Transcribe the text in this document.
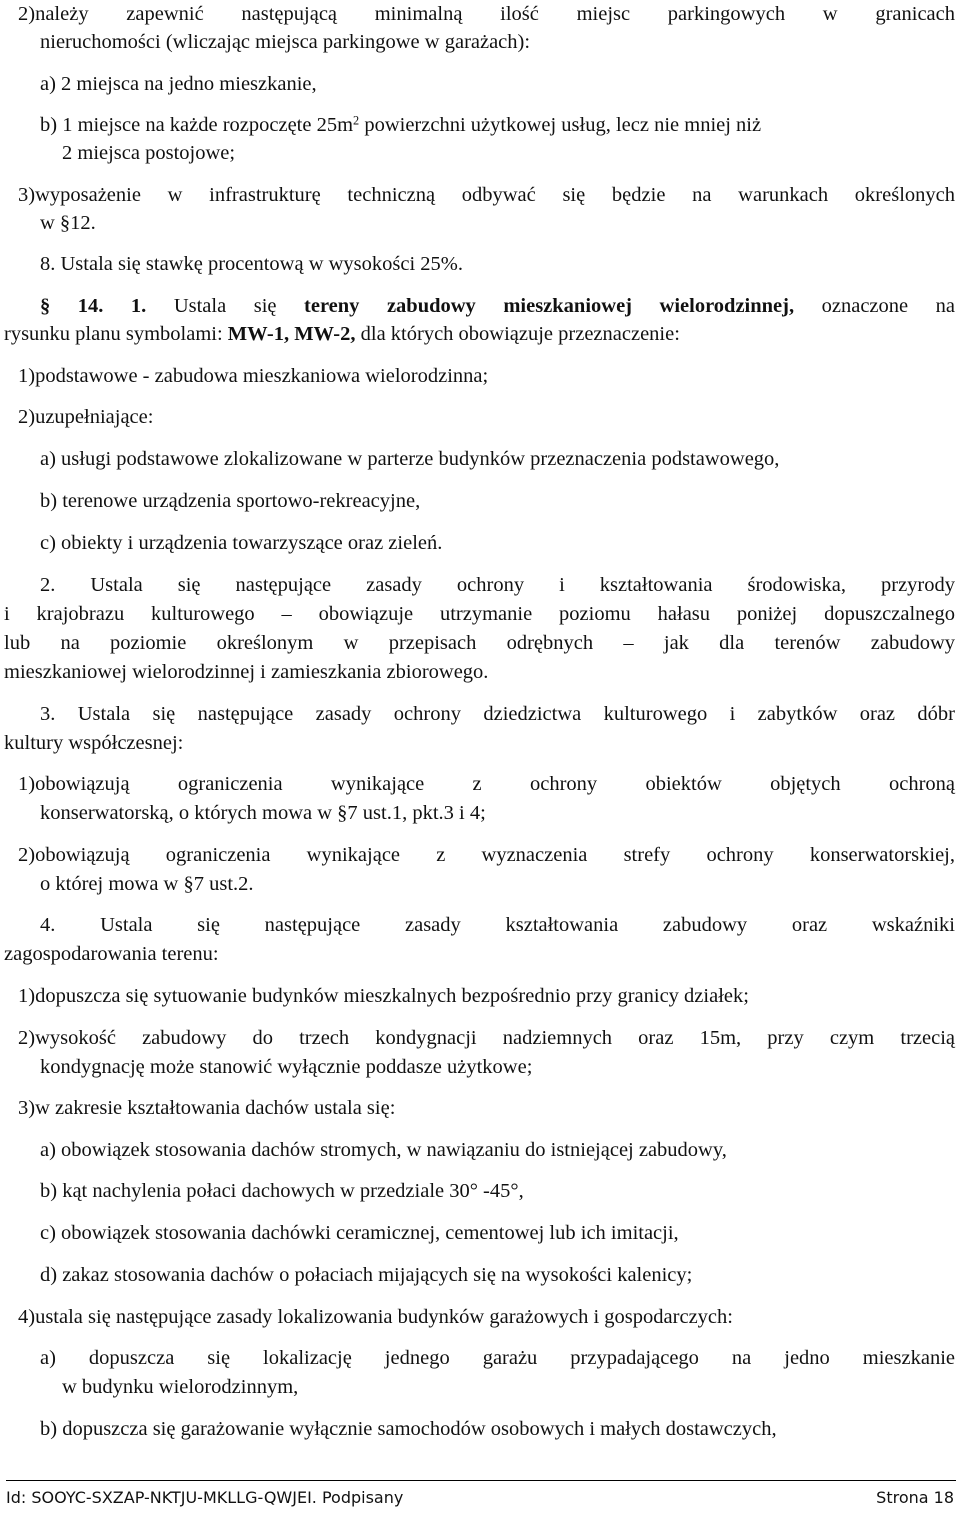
2)należy zapewnić następującą minimalną ilość miejsc parkingowych w granicach
nieruchomości (wliczając miejsca parkingowe w garażach):
a) 2 miejsca na jedno mieszkanie,
b) 1 miejsce na każde rozpoczęte $25m^2$ powierzchni użytkowej usług, lecz nie mniej niż
2 miejsca postojowe;
3)wyposażenie w infrastrukturę techniczną odbywać się będzie na warunkach określonych
w §12.
8. Ustala się stawkę procentową w wysokości 25%.
§ 14. 1. Ustala się tereny zabudowy mieszkaniowej wielorodzinnej, oznaczone na
rysunku planu symbolami: MW-1, MW-2, dla których obowiązuje przeznaczenie:
1)podstawowe - zabudowa mieszkaniowa wielorodzinna;
2)uzupełniające:
a) usługi podstawowe zlokalizowane w parterze budynków przeznaczenia podstawowego,
b) terenowe urządzenia sportowo-rekreacyjne,
c) obiekty i urządzenia towarzyszące oraz zieleń.
2. Ustala się następujące zasady ochrony i kształtowania środowiska, przyrody
i krajobrazu kulturowego – obowiązuje utrzymanie poziomu hałasu poniżej dopuszczalnego
lub na poziomie określonym w przepisach odrębnych – jak dla terenów zabudowy
mieszkaniowej wielorodzinnej i zamieszkania zbiorowego.
3. Ustala się następujące zasady ochrony dziedzictwa kulturowego i zabytków oraz dóbr
kultury współczesnej:
1)obowiązują ograniczenia wynikające z ochrony obiektów objętych ochroną
konserwatorską, o których mowa w §7 ust.1, pkt.3 i 4;
2)obowiązują ograniczenia wynikające z wyznaczenia strefy ochrony konserwatorskiej,
o której mowa w §7 ust.2.
4. Ustala się następujące zasady kształtowania zabudowy oraz wskaźniki
zagospodarowania terenu:
1)dopuszcza się sytuowanie budynków mieszkalnych bezpośrednio przy granicy działek;
2)wysokość zabudowy do trzech kondygnacji nadziemnych oraz 15m, przy czym trzecią
kondygnację może stanowić wyłącznie poddasze użytkowe;
3)w zakresie kształtowania dachów ustala się:
a) obowiązek stosowania dachów stromych, w nawiązaniu do istniejącej zabudowy,
b) kąt nachylenia połaci dachowych w przedziale 30° -45°,
c) obowiązek stosowania dachówki ceramicznej, cementowej lub ich imitacji,
d) zakaz stosowania dachów o połaciach mijających się na wysokości kalenicy;
4)ustala się następujące zasady lokalizowania budynków garażowych i gospodarczych:
a) dopuszcza się lokalizację jednego garażu przypadającego na jedno mieszkanie
w budynku wielorodzinnym,
b) dopuszcza się garażowanie wyłącznie samochodów osobowych i małych dostawczych,
Id: SOOYC-SXZAP-NKTJU-MKLLG-QWJEI. Podpisany	Strona 18
